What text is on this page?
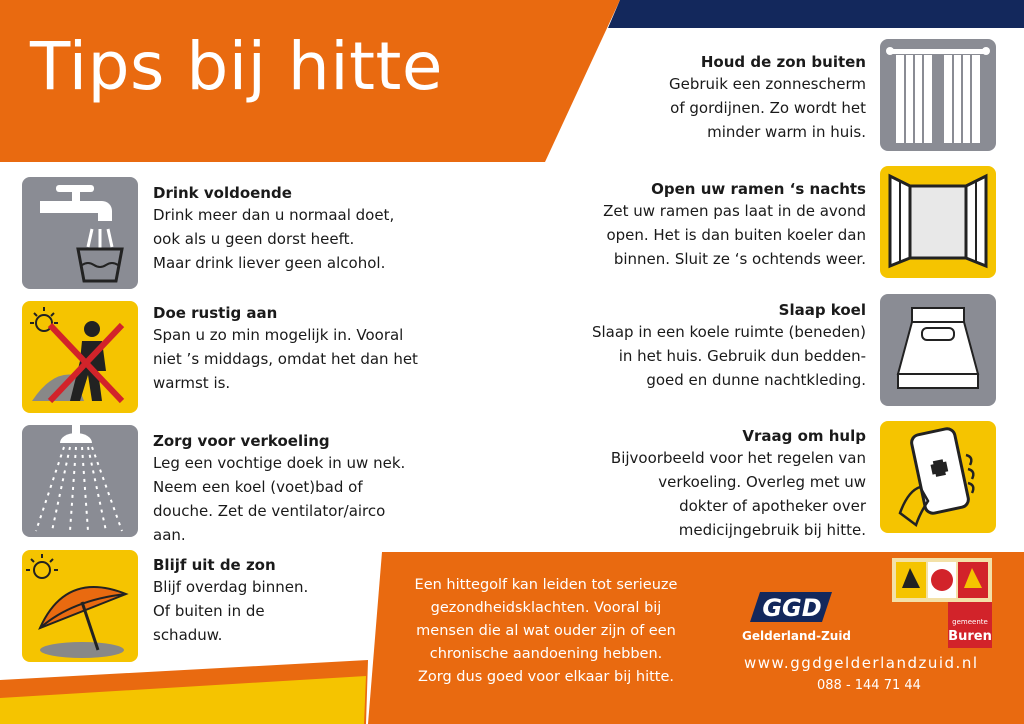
Tips bij hitte
Drink voldoende
Drink meer dan u normaal doet,
ook als u geen dorst heeft.
Maar drink liever geen alcohol.
Doe rustig aan
Span u zo min mogelijk in. Vooral
niet ’s middags, omdat het dan het
warmst is.
Zorg voor verkoeling
Leg een vochtige doek in uw nek.
Neem een koel (voet)bad of
douche. Zet de ventilator/airco
aan.
Blijf uit de zon
Blijf overdag binnen.
Of buiten in de
schaduw.
Houd de zon buiten
Gebruik een zonnescherm
of gordijnen. Zo wordt het
minder warm in huis.
Open uw ramen ‘s nachts
Zet uw ramen pas laat in de avond
open. Het is dan buiten koeler dan
binnen. Sluit ze ‘s ochtends weer.
Slaap koel
Slaap in een koele ruimte (beneden)
in het huis. Gebruik dun bedden-
goed en dunne nachtkleding.
Vraag om hulp
Bijvoorbeeld voor het regelen van
verkoeling. Overleg met uw
dokter of apotheker over
medicijngebruik bij hitte.
Een hittegolf kan leiden tot serieuze
gezondheidsklachten. Vooral bij
mensen die al wat ouder zijn of een
chronische aandoening hebben.
Zorg dus goed voor elkaar bij hitte.
GGD
Gelderland-Zuid
gemeente
Buren
www.ggdgelderlandzuid.nl
088 - 144 71 44
